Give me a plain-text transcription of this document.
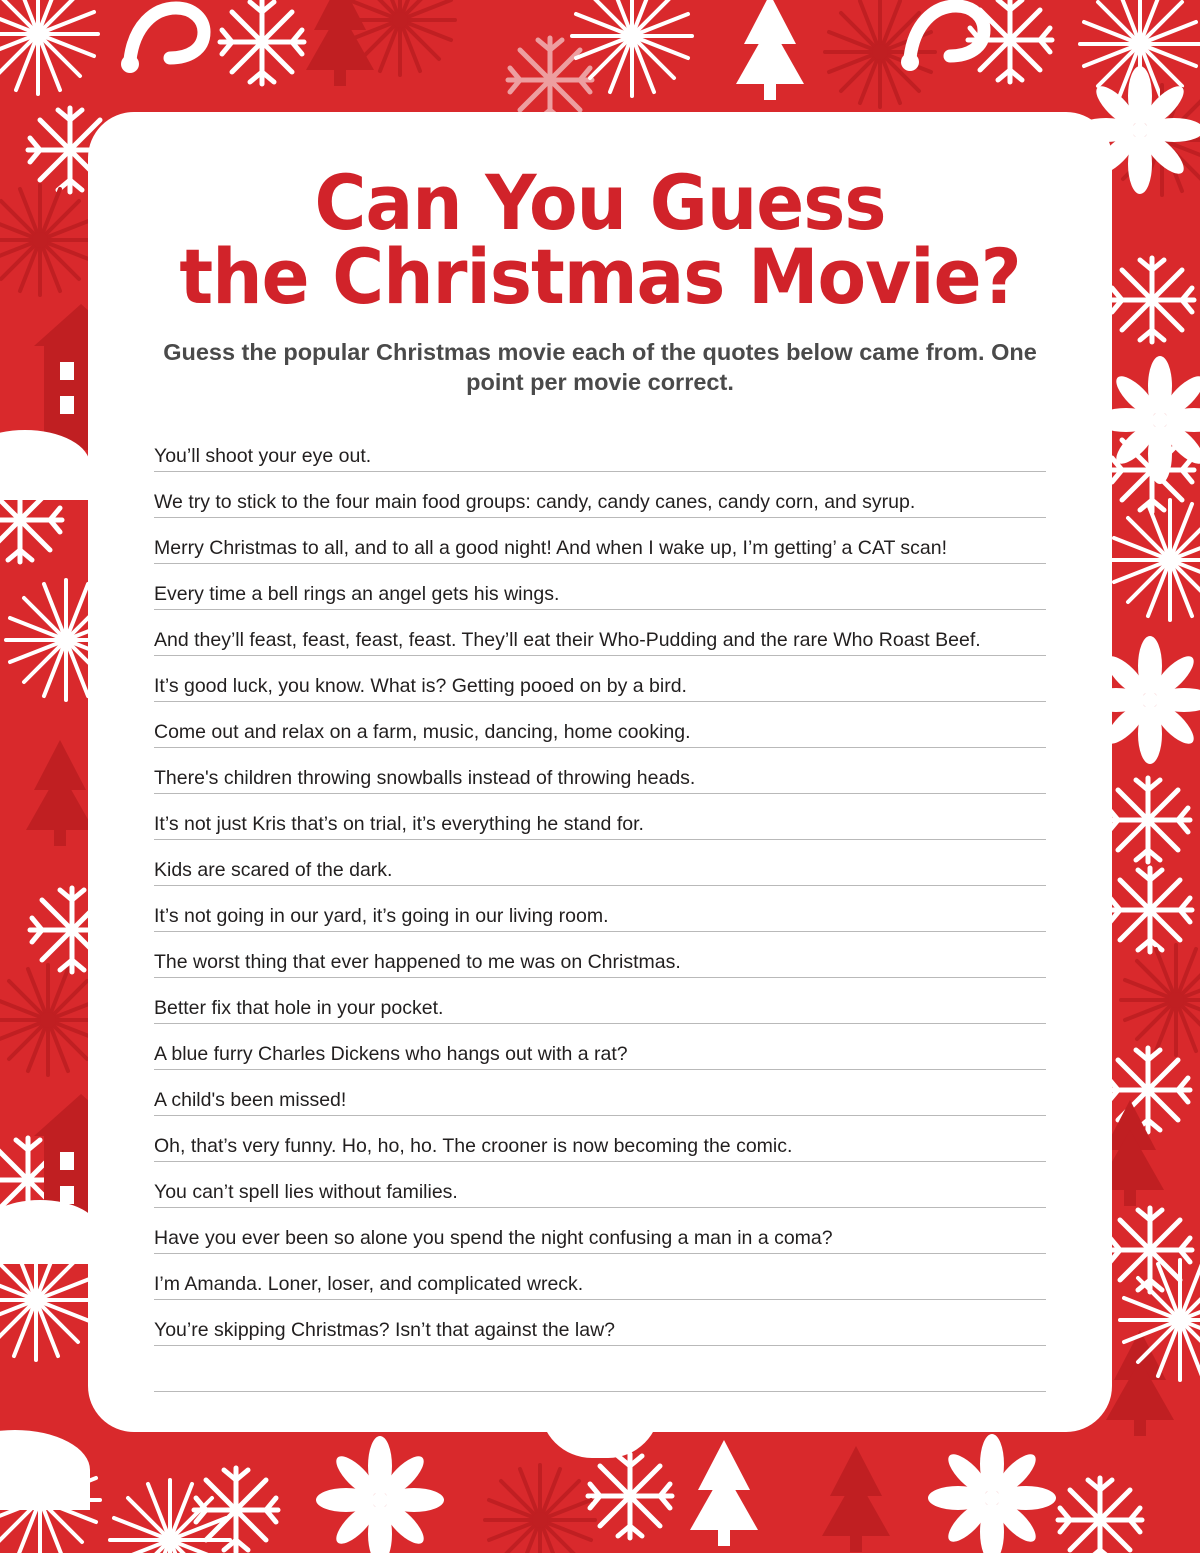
Can You Guess
the Christmas Movie?

Guess the popular Christmas movie each of the quotes below came from. One point per movie correct.

You’ll shoot your eye out.
We try to stick to the four main food groups: candy, candy canes, candy corn, and syrup.
Merry Christmas to all, and to all a good night! And when I wake up, I’m getting’ a CAT scan!
Every time a bell rings an angel gets his wings.
And they’ll feast, feast, feast, feast. They’ll eat their Who-Pudding and the rare Who Roast Beef.
It’s good luck, you know. What is? Getting pooed on by a bird.
Come out and relax on a farm, music, dancing, home cooking.
There's children throwing snowballs instead of throwing heads.
It’s not just Kris that’s on trial, it’s everything he stand for.
Kids are scared of the dark.
It’s not going in our yard, it’s going in our living room.
The worst thing that ever happened to me was on Christmas.
Better fix that hole in your pocket.
A blue furry Charles Dickens who hangs out with a rat?
A child's been missed!
Oh, that’s very funny. Ho, ho, ho. The crooner is now becoming the comic.
You can’t spell lies without families.
Have you ever been so alone you spend the night confusing a man in a coma?
I’m Amanda. Loner, loser, and complicated wreck.
You’re skipping Christmas? Isn’t that against the law?
